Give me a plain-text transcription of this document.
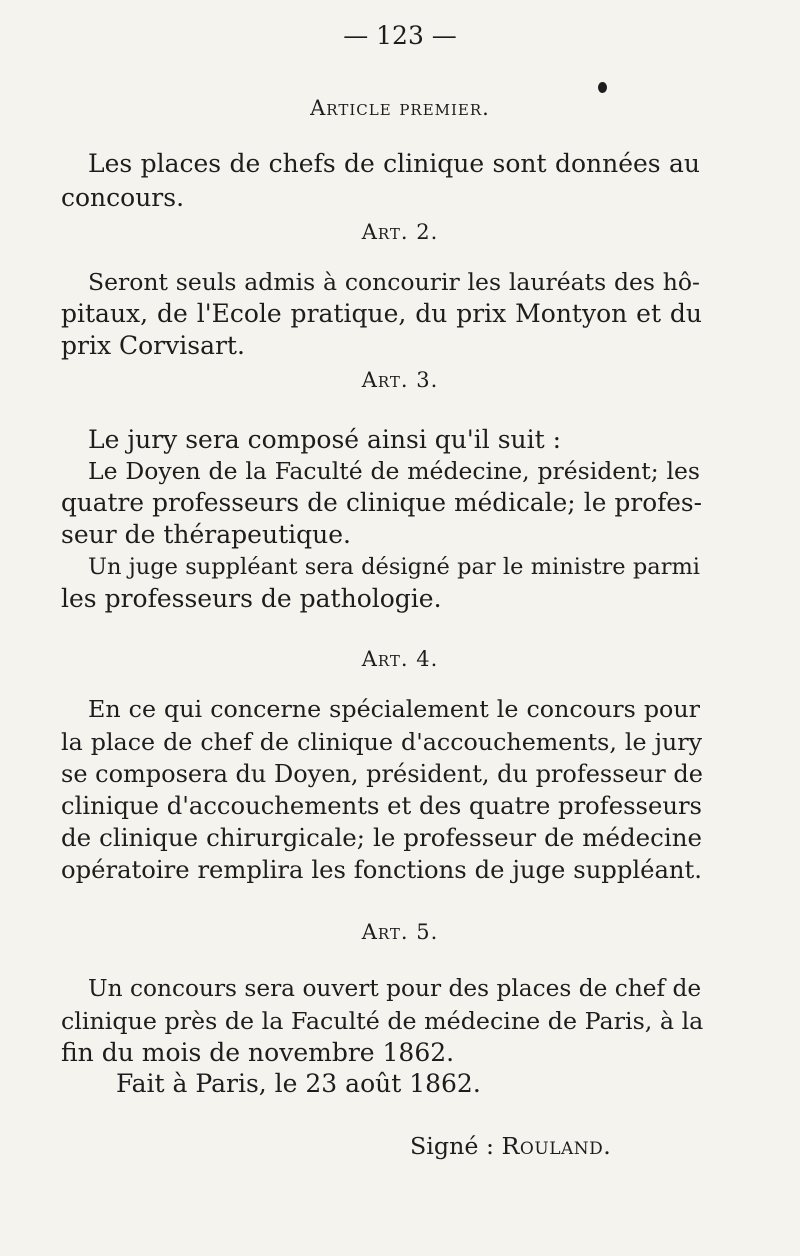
— 123 —
Article premier.
Les places de chefs de clinique sont données au
concours.
Art. 2.
Seront seuls admis à concourir les lauréats des hô-
pitaux, de l'Ecole pratique, du prix Montyon et du
prix Corvisart.
Art. 3.
Le jury sera composé ainsi qu'il suit :
Le Doyen de la Faculté de médecine, président; les
quatre professeurs de clinique médicale; le profes-
seur de thérapeutique.
Un juge suppléant sera désigné par le ministre parmi
les professeurs de pathologie.
Art. 4.
En ce qui concerne spécialement le concours pour
la place de chef de clinique d'accouchements, le jury
se composera du Doyen, président, du professeur de
clinique d'accouchements et des quatre professeurs
de clinique chirurgicale; le professeur de médecine
opératoire remplira les fonctions de juge suppléant.
Art. 5.
Un concours sera ouvert pour des places de chef de
clinique près de la Faculté de médecine de Paris, à la
fin du mois de novembre 1862.
Fait à Paris, le 23 août 1862.
Signé : Rouland.
